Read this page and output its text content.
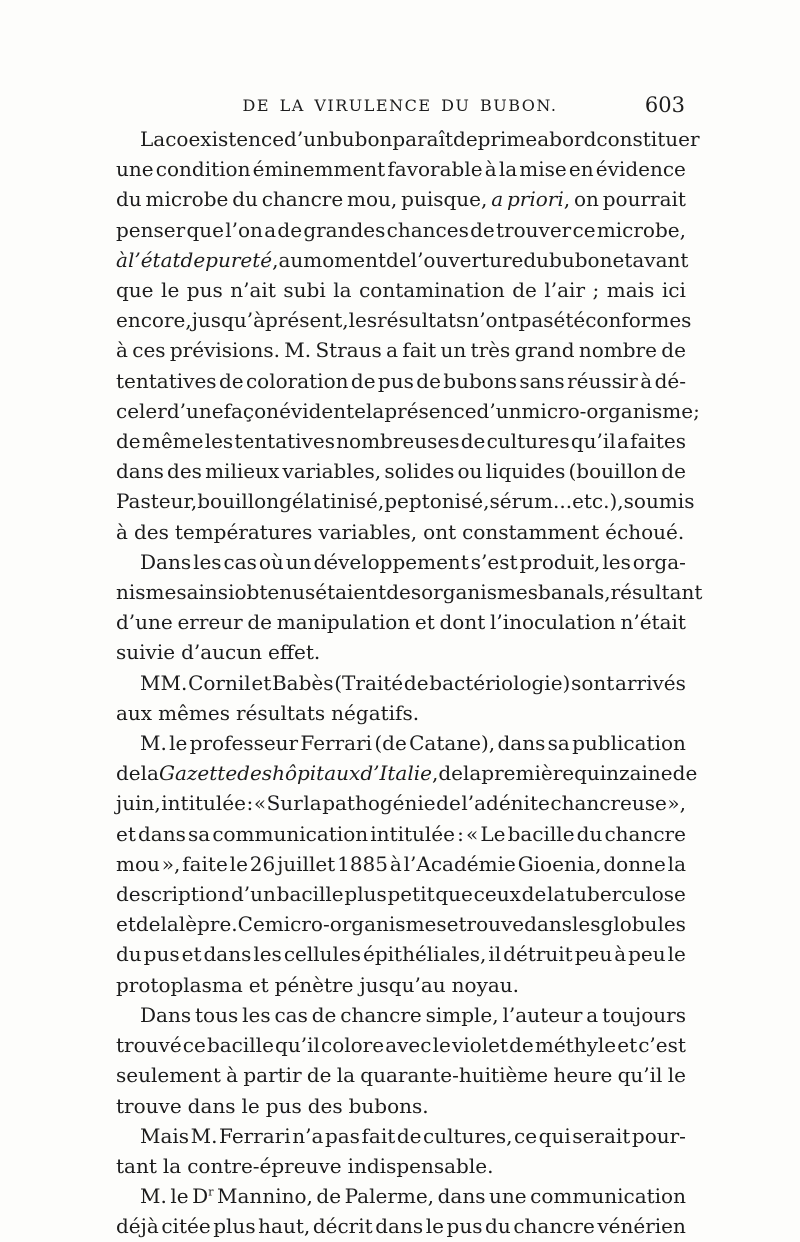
DE LA VIRULENCE DU BUBON.	603
La coexistence d’un bubon paraît de prime abord constituer
une condition éminemment favorable à la mise en évidence
du microbe du chancre mou, puisque, a priori, on pourrait
penser que l’on a de grandes chances de trouver ce microbe,
à l’état de pureté, au moment de l’ouverture du bubon et avant
que le pus n’ait subi la contamination de l’air ; mais ici
encore, jusqu’à présent, les résultats n’ont pas été conformes
à ces prévisions. M. Straus a fait un très grand nombre de
tentatives de coloration de pus de bubons sans réussir à dé-
celer d’une façon évidente la présence d’un micro-organisme ;
de même les tentatives nombreuses de cultures qu’il a faites
dans des milieux variables, solides ou liquides (bouillon de
Pasteur, bouillon gélatinisé, peptonisé, sérum... etc.), soumis
à des températures variables, ont constamment échoué.
Dans les cas où un développement s’est produit, les orga-
nismes ainsi obtenus étaient des organismes banals, résultant
d’une erreur de manipulation et dont l’inoculation n’était
suivie d’aucun effet.
MM. Cornil et Babès (Traité de bactériologie) sont arrivés
aux mêmes résultats négatifs.
M. le professeur Ferrari (de Catane), dans sa publication
de la Gazette des hôpitaux d’Italie, de la première quinzaine de
juin, intitulée : « Sur la pathogénie de l’adénite chancreuse »,
et dans sa communication intitulée : « Le bacille du chancre
mou », faite le 26 juillet 1885 à l’Académie Gioenia, donne la
description d’un bacille plus petit que ceux de la tuberculose
et de la lèpre. Ce micro-organisme se trouve dans les globules
du pus et dans les cellules épithéliales, il détruit peu à peu le
protoplasma et pénètre jusqu’au noyau.
Dans tous les cas de chancre simple, l’auteur a toujours
trouvé ce bacille qu’il colore avec le violet de méthyle et c’est
seulement à partir de la quarante-huitième heure qu’il le
trouve dans le pus des bubons.
Mais M. Ferrari n’a pas fait de cultures, ce qui serait pour-
tant la contre-épreuve indispensable.
M. le $D^r$ Mannino, de Palerme, dans une communication
déjà citée plus haut, décrit dans le pus du chancre vénérien
